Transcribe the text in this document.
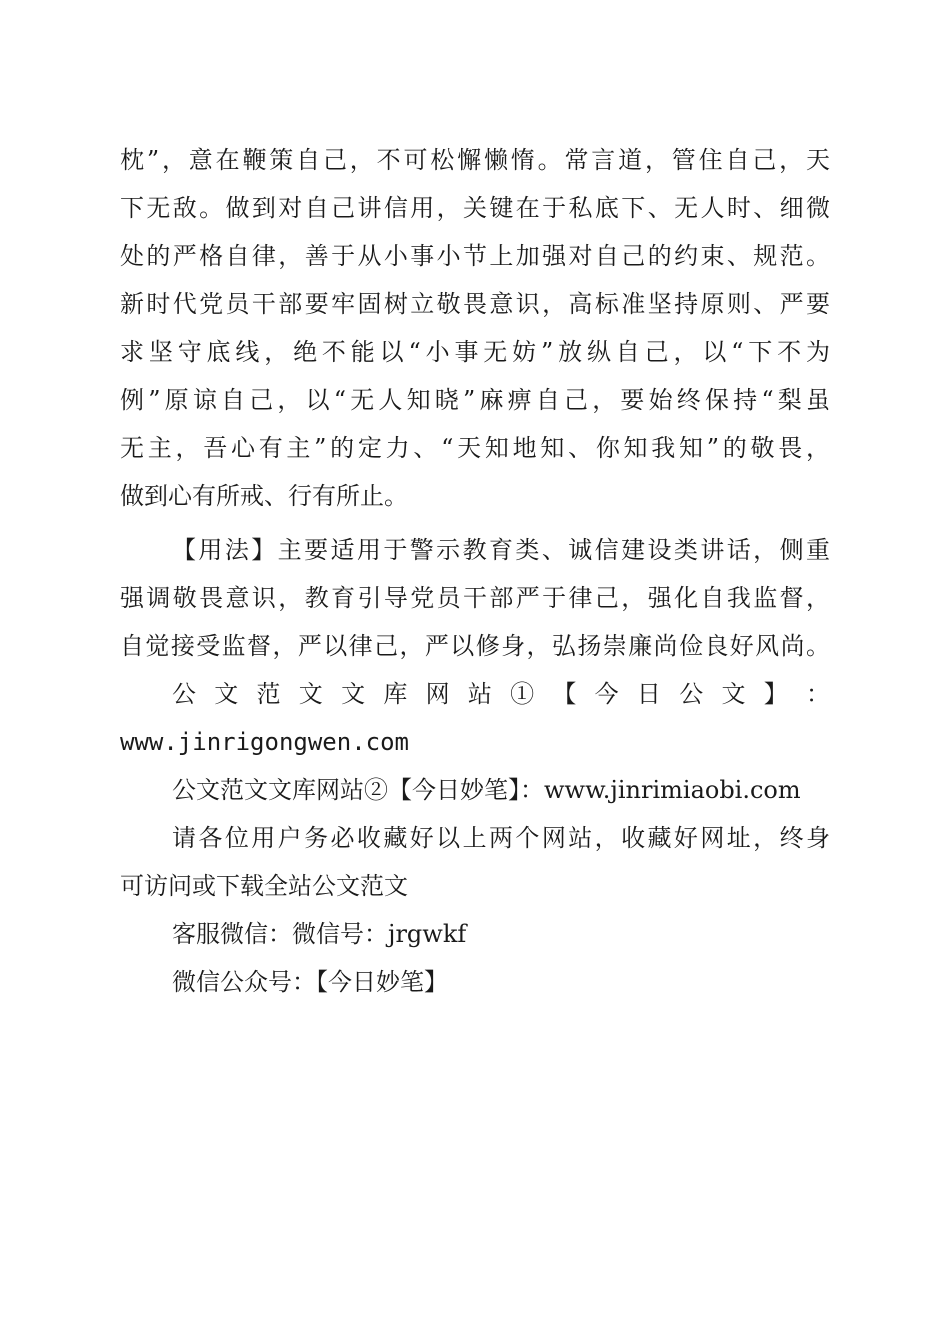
枕”，意在鞭策自己，不可松懈懒惰。常言道，管住自己，天
下无敌。做到对自己讲信用，关键在于私底下、无人时、细微
处的严格自律，善于从小事小节上加强对自己的约束、规范。
新时代党员干部要牢固树立敬畏意识，高标准坚持原则、严要
求坚守底线，绝不能以“小事无妨”放纵自己，以“下不为
例”原谅自己，以“无人知晓”麻痹自己，要始终保持“梨虽
无主，吾心有主”的定力、“天知地知、你知我知”的敬畏，
做到心有所戒、行有所止。
【用法】主要适用于警示教育类、诚信建设类讲话，侧重
强调敬畏意识，教育引导党员干部严于律己，强化自我监督，
自觉接受监督，严以律己，严以修身，弘扬崇廉尚俭良好风尚。
公 文 范 文 文 库 网 站 ① 【 今 日 公 文 】 ：
www.jinrigongwen.com
公文范文文库网站②【今日妙笔】：www.jinrimiaobi.com
请各位用户务必收藏好以上两个网站，收藏好网址，终身
可访问或下载全站公文范文
客服微信：微信号：jrgwkf
微信公众号：【今日妙笔】
